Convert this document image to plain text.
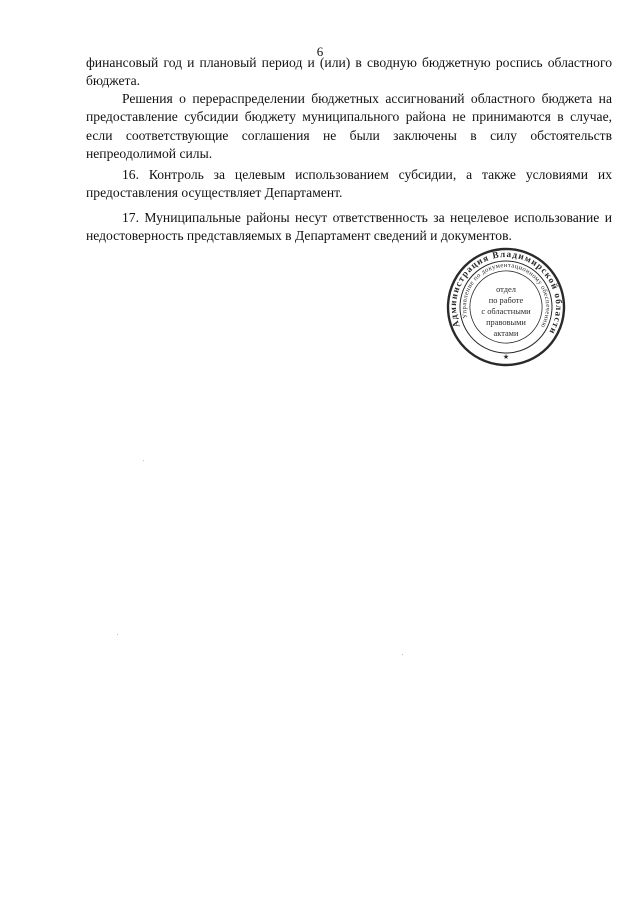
6

финансовый год и плановый период и (или) в сводную бюджетную роспись областного бюджета.

Решения о перераспределении бюджетных ассигнований областного бюджета на предоставление субсидии бюджету муниципального района не принимаются в случае, если соответствующие соглашения не были заключены в силу обстоятельств непреодолимой силы.

16. Контроль за целевым использованием субсидии, а также условиями их предоставления осуществляет Департамент.

17. Муниципальные районы несут ответственность за нецелевое использование и недостоверность представляемых в Департамент сведений и документов.

Администрация Владимирской области
Управление по документационному обеспечению
отдел
по работе
с областными
правовыми
актами
★
